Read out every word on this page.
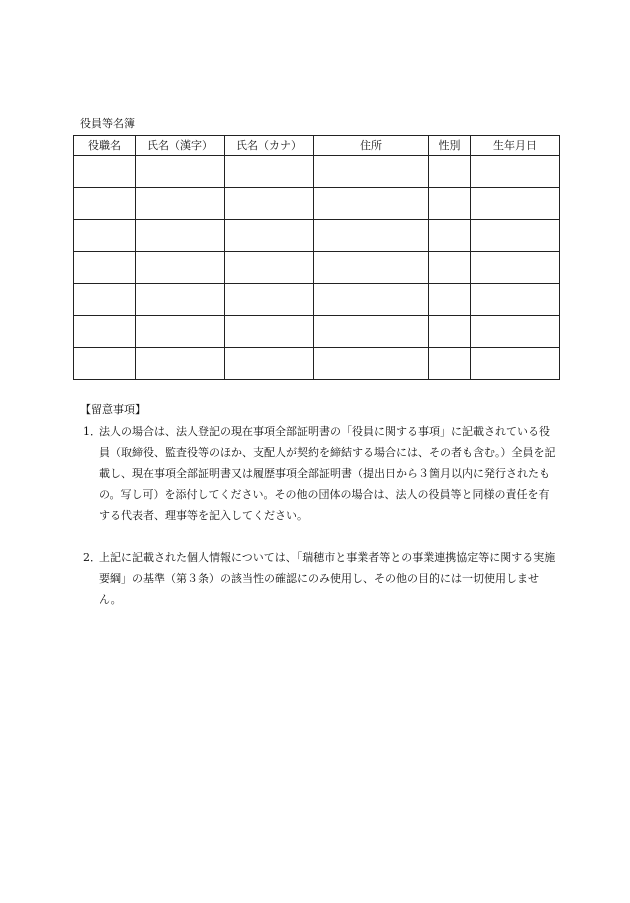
役員等名簿
役職名	氏名（漢字）	氏名（カナ）	住所	性別	生年月日

【留意事項】
1．
法人の場合は、法人登記の現在事項全部証明書の「役員に関する事項」に記載されている役員（取締役、監査役等のほか、支配人が契約を締結する場合には、その者も含む。）全員を記載し、現在事項全部証明書又は履歴事項全部証明書（提出日から３箇月以内に発行されたもの。写し可）を添付してください。その他の団体の場合は、法人の役員等と同様の責任を有する代表者、理事等を記入してください。
2．
上記に記載された個人情報については、「瑞穂市と事業者等との事業連携協定等に関する実施要綱」の基準（第３条）の該当性の確認にのみ使用し、その他の目的には一切使用しません。
